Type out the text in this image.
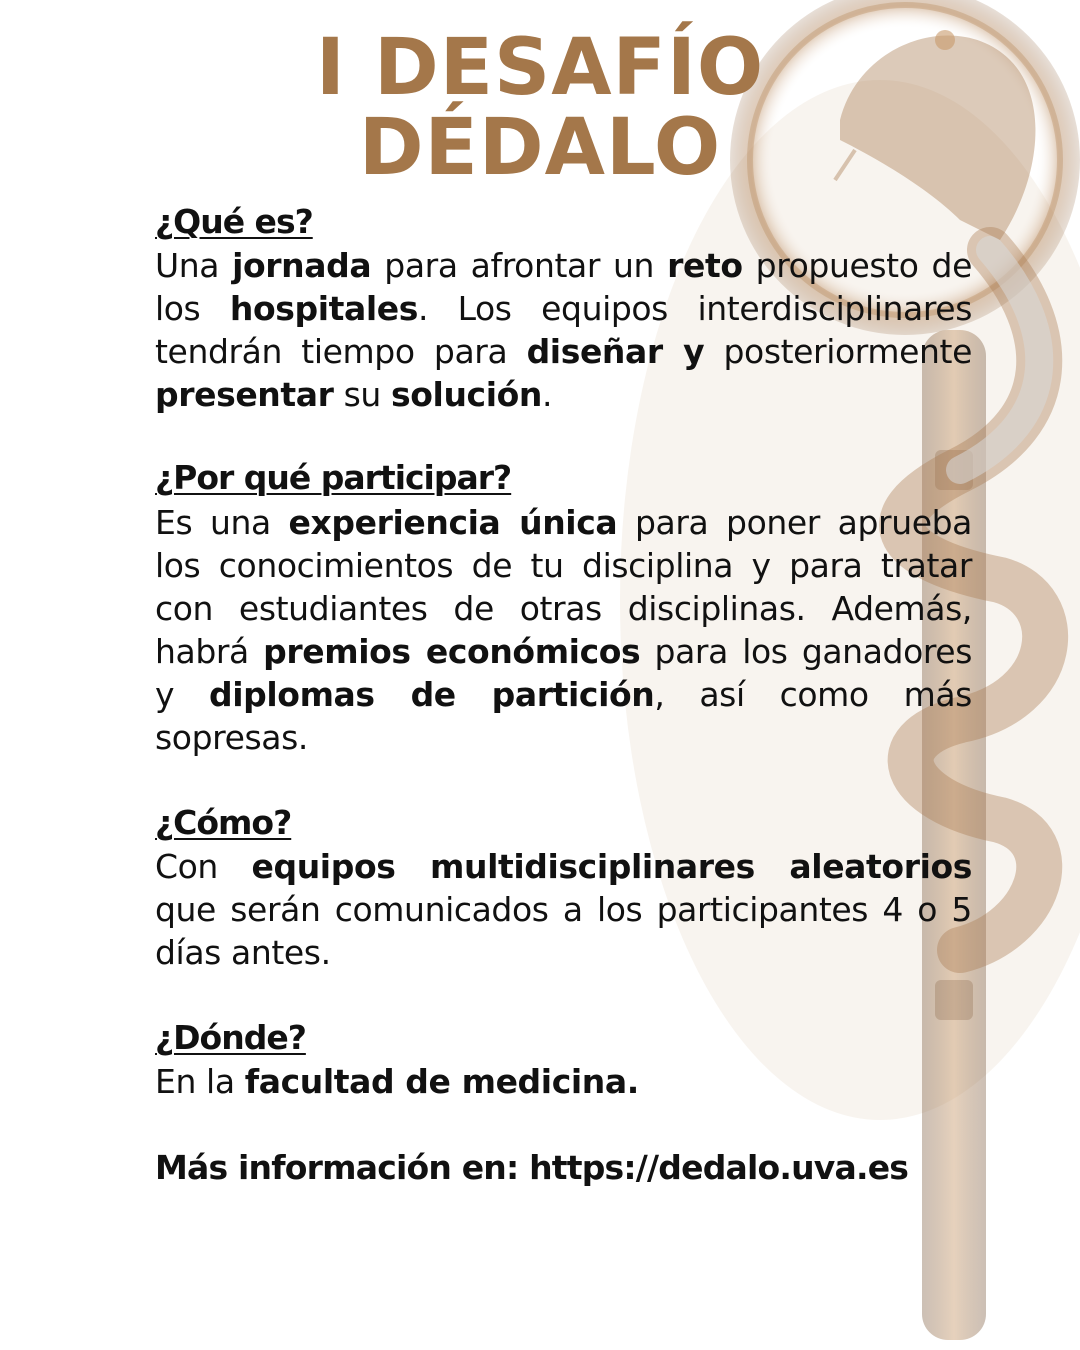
I DESAFÍO
DÉDALO
¿Qué es?

Una jornada para afrontar un reto propuesto de los hospitales. Los equipos interdisciplinares tendrán tiempo para diseñar y posteriormente presentar su solución.

¿Por qué participar?

Es una experiencia única para poner aprueba los conocimientos de tu disciplina y para tratar con estudiantes de otras disciplinas. Además, habrá premios económicos para los ganadores y diplomas de partición, así como más sopresas.

¿Cómo?

Con equipos multidisciplinares aleatorios que serán comunicados a los participantes 4 o 5 días antes.

¿Dónde?

En la facultad de medicina.

Más información en: https://dedalo.uva.es
